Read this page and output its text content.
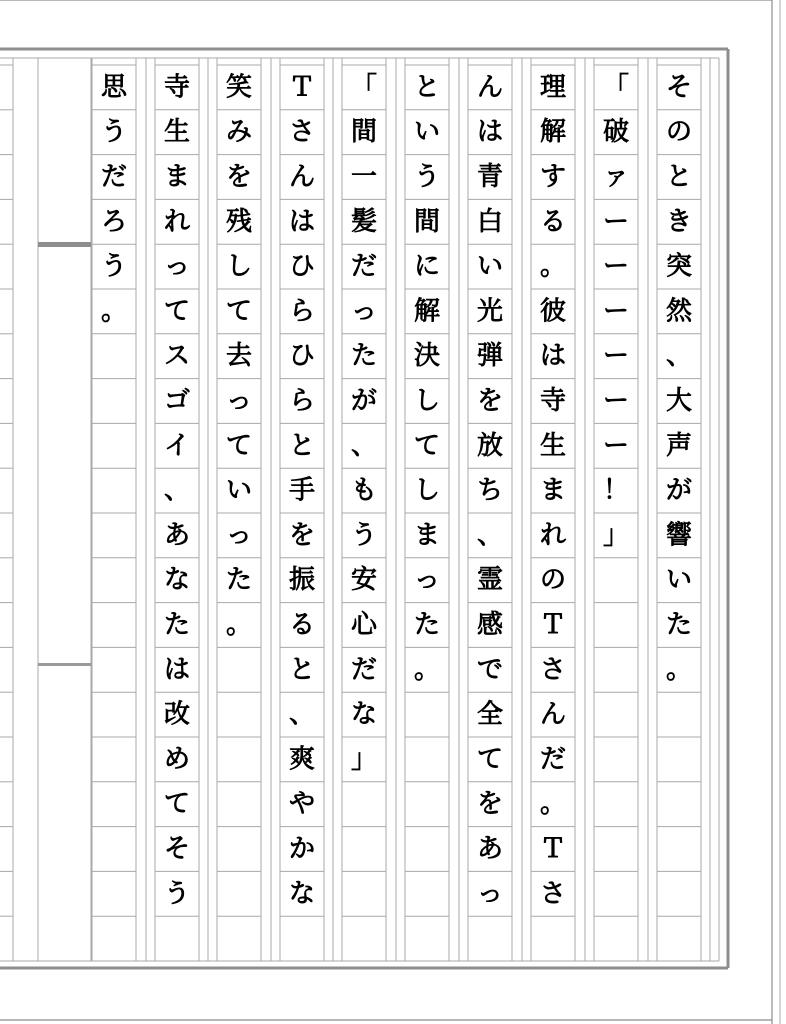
そ
の
と
き
突
然
、
大
声
が
響
い
た
。
「
破
ァ
ー
ー
ー
ー
ー
ー
！
」
理
解
す
る
。
彼
は
寺
生
ま
れ
の
Ｔ
さ
ん
だ
。
Ｔ
さ
ん
は
青
白
い
光
弾
を
放
ち
、
霊
感
で
全
て
を
あ
っ
と
い
う
間
に
解
決
し
て
し
ま
っ
た
。
「
間
一
髪
だ
っ
た
が
、
も
う
安
心
だ
な
」
Ｔ
さ
ん
は
ひ
ら
ひ
ら
と
手
を
振
る
と
、
爽
や
か
な
笑
み
を
残
し
て
去
っ
て
い
っ
た
。
寺
生
ま
れ
っ
て
ス
ゴ
イ
、
あ
な
た
は
改
め
て
そ
う
思
う
だ
ろ
う
。
